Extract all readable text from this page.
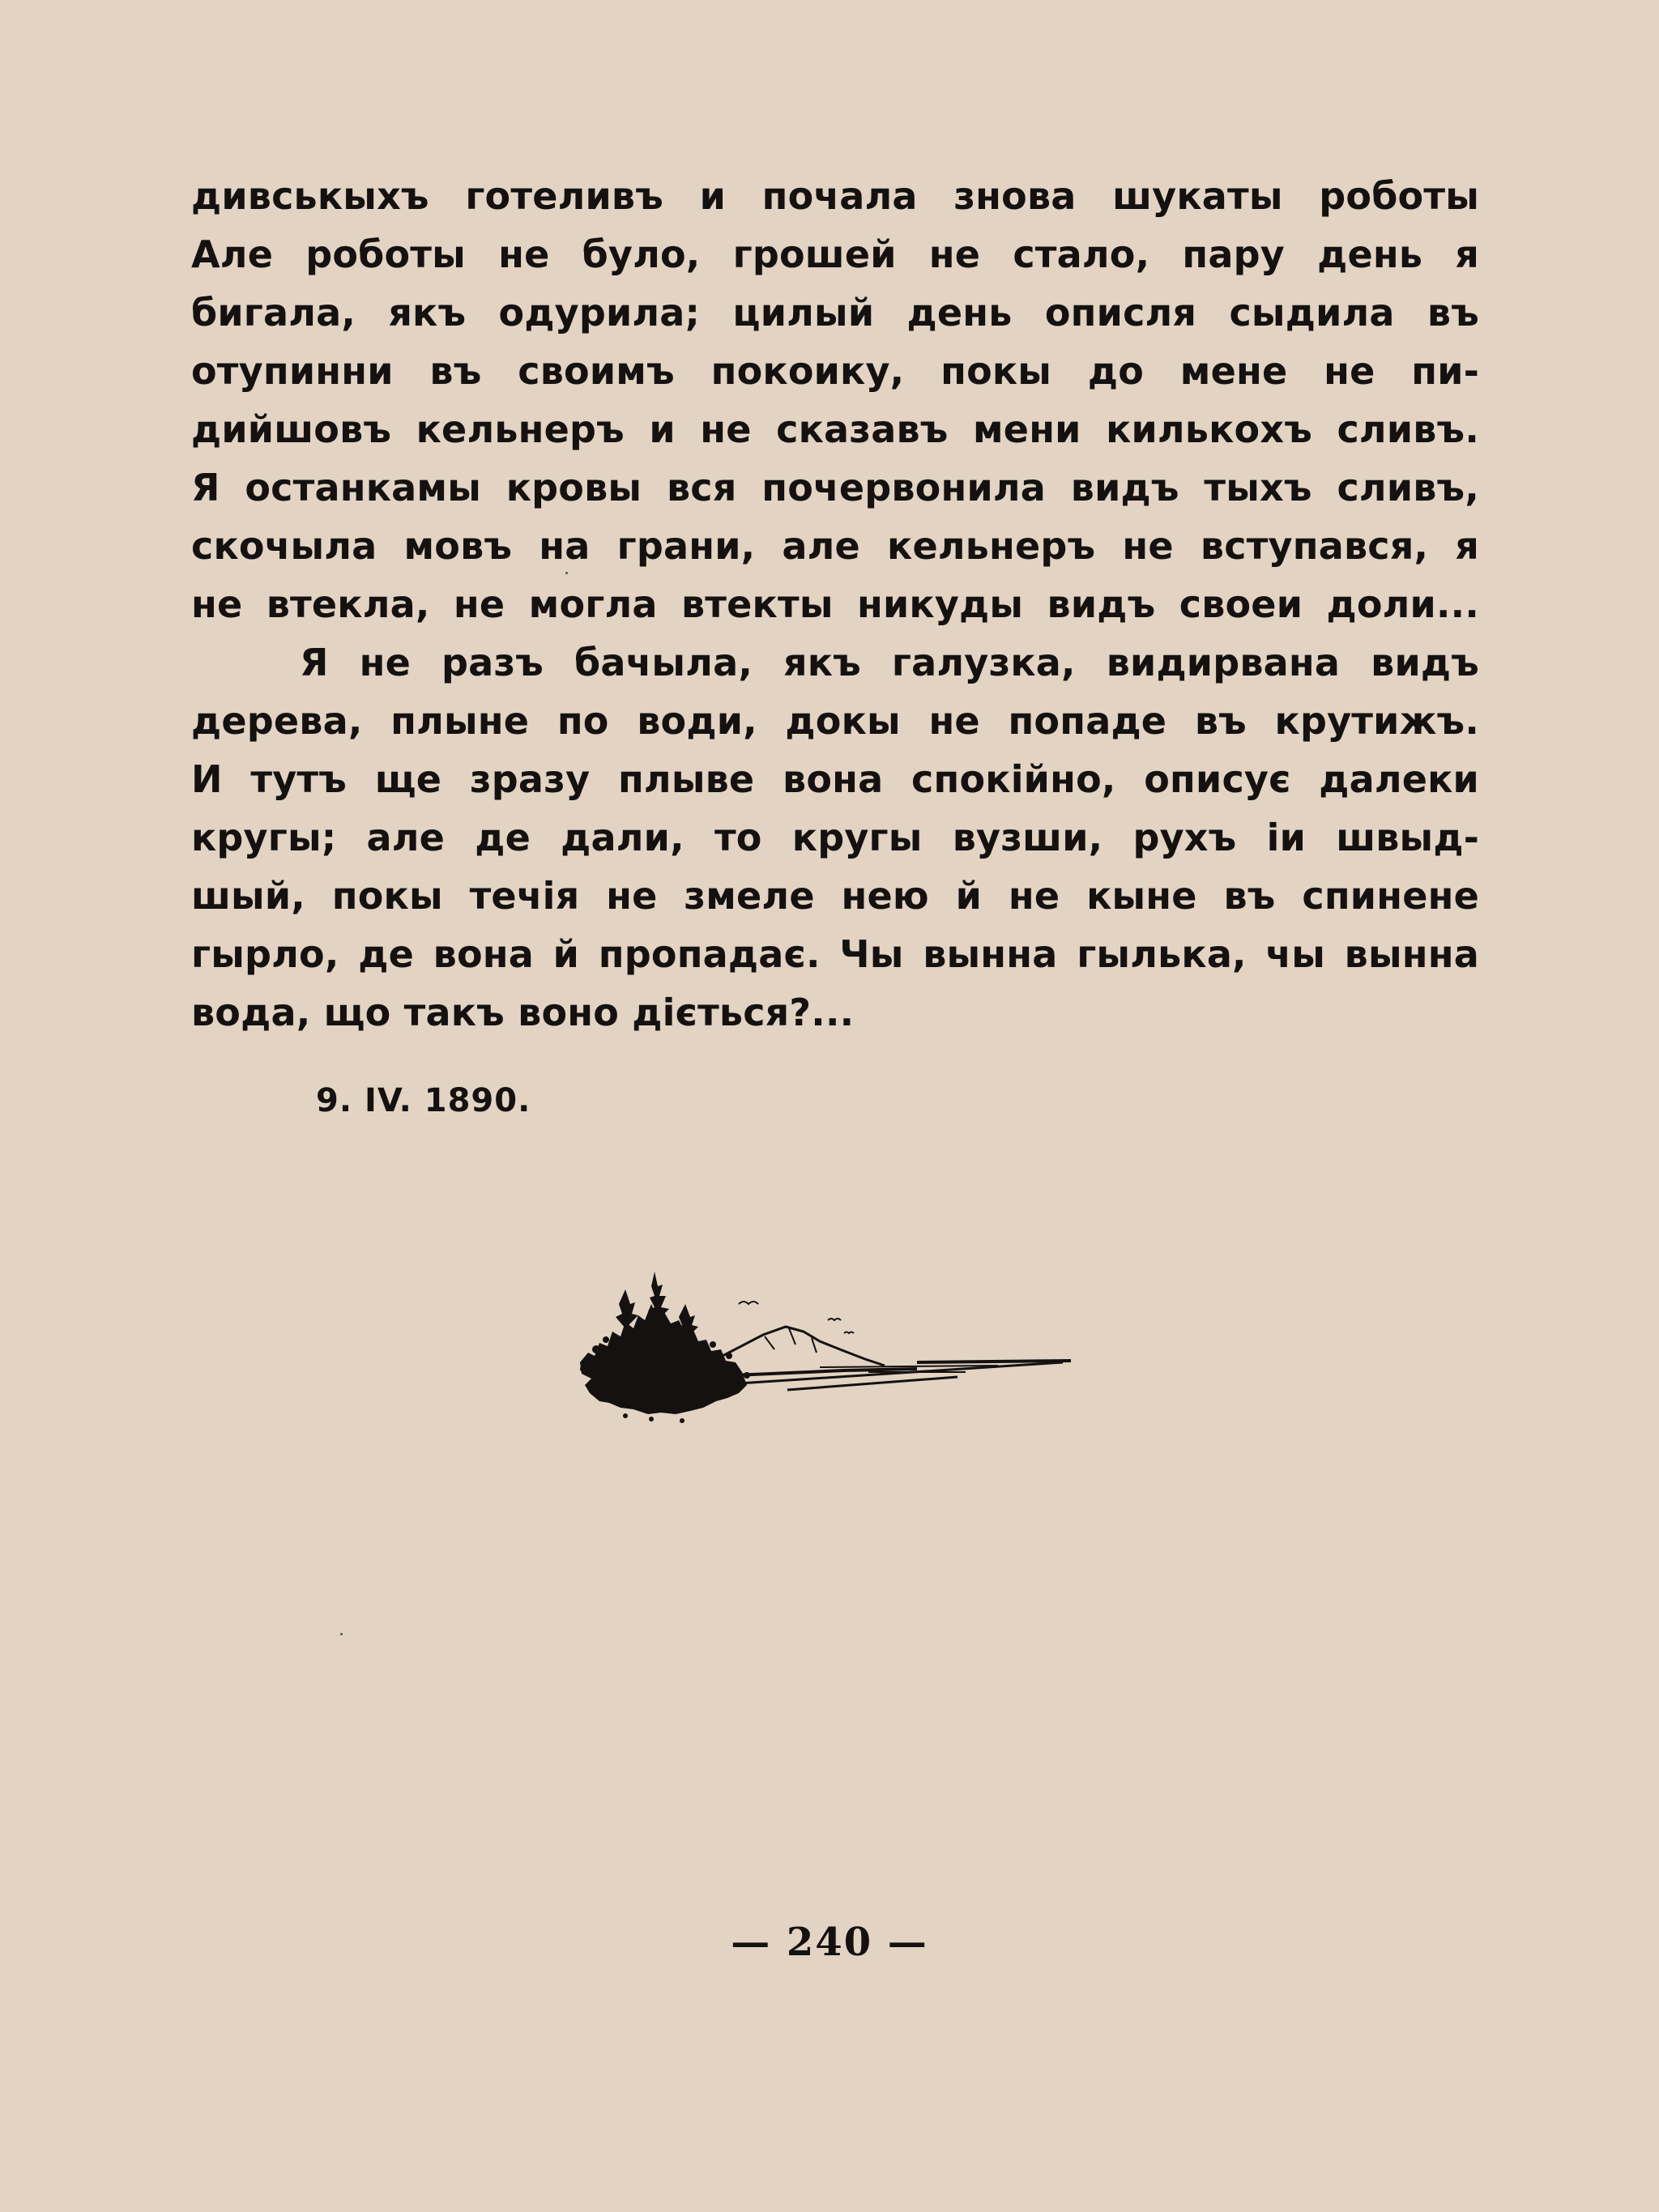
дивськыхъ готеливъ и почала знова шукаты роботы
Але роботы не було, грошей не стало, пару день я
бигала, якъ одурила; цилый день описля сыдила въ
отупинни въ своимъ покоику, покы до мене не пи-
дийшовъ кельнеръ и не сказавъ мени килькохъ сливъ.
Я останкамы кровы вся почервонила видъ тыхъ сливъ,
скочыла мовъ на грани, але кельнеръ не вступався, я
не втекла, не могла втекты никуды видъ своеи доли...
Я не разъ бачыла, якъ галузка, видирвана видъ
дерева, плыне по води, докы не попаде въ крутижъ.
И тутъ ще зразу плыве вона спокійно, описує далеки
кругы; але де дали, то кругы вузши, рухъ іи швыд-
шый, покы течія не змеле нею й не кыне въ спинене
гырло, де вона й пропадає. Чы вынна гылька, чы вынна
вода, що такъ воно діється?...
9. IV. 1890.
— 240 —
